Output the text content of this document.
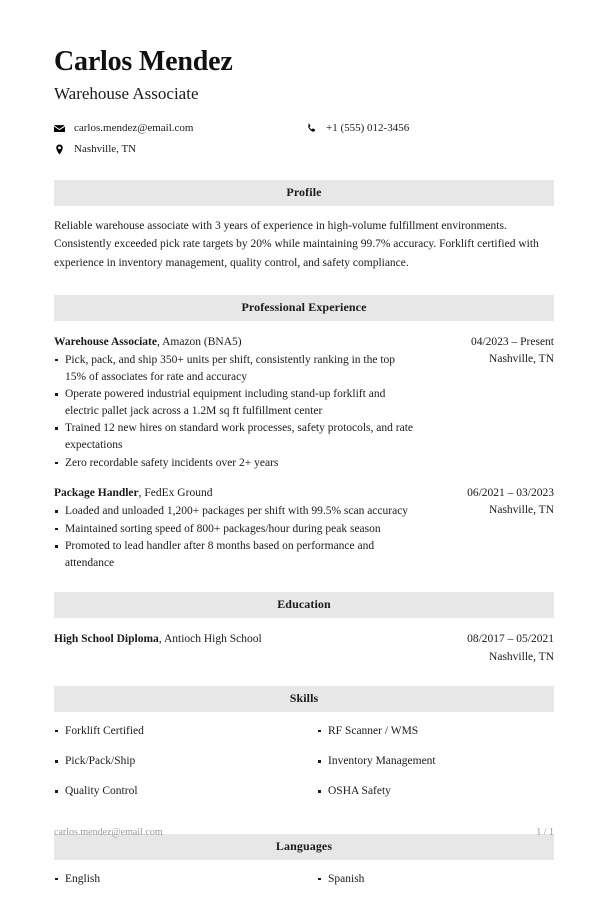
Carlos Mendez
Warehouse Associate
carlos.mendez@email.com	+1 (555) 012-3456
Nashville, TN
Profile

Reliable warehouse associate with 3 years of experience in high-volume fulfillment environments. Consistently exceeded pick rate targets by 20% while maintaining 99.7% accuracy. Forklift certified with experience in inventory management, quality control, and safety compliance.

Professional Experience
Warehouse Associate, Amazon (BNA5)
Pick, pack, and ship 350+ units per shift, consistently ranking in the top 15% of associates for rate and accuracy
Operate powered industrial equipment including stand-up forklift and electric pallet jack across a 1.2M sq ft fulfillment center
Trained 12 new hires on standard work processes, safety protocols, and rate expectations
Zero recordable safety incidents over 2+ years
04/2023 – Present
Nashville, TN
Package Handler, FedEx Ground
Loaded and unloaded 1,200+ packages per shift with 99.5% scan accuracy
Maintained sorting speed of 800+ packages/hour during peak season
Promoted to lead handler after 8 months based on performance and attendance
06/2021 – 03/2023
Nashville, TN
Education
High School Diploma, Antioch High School	08/2017 – 05/2021
Nashville, TN
Skills
Forklift Certified
Pick/Pack/Ship
Quality Control
RF Scanner / WMS
Inventory Management
OSHA Safety
Languages
English	Spanish
carlos.mendez@email.com	1 / 1
